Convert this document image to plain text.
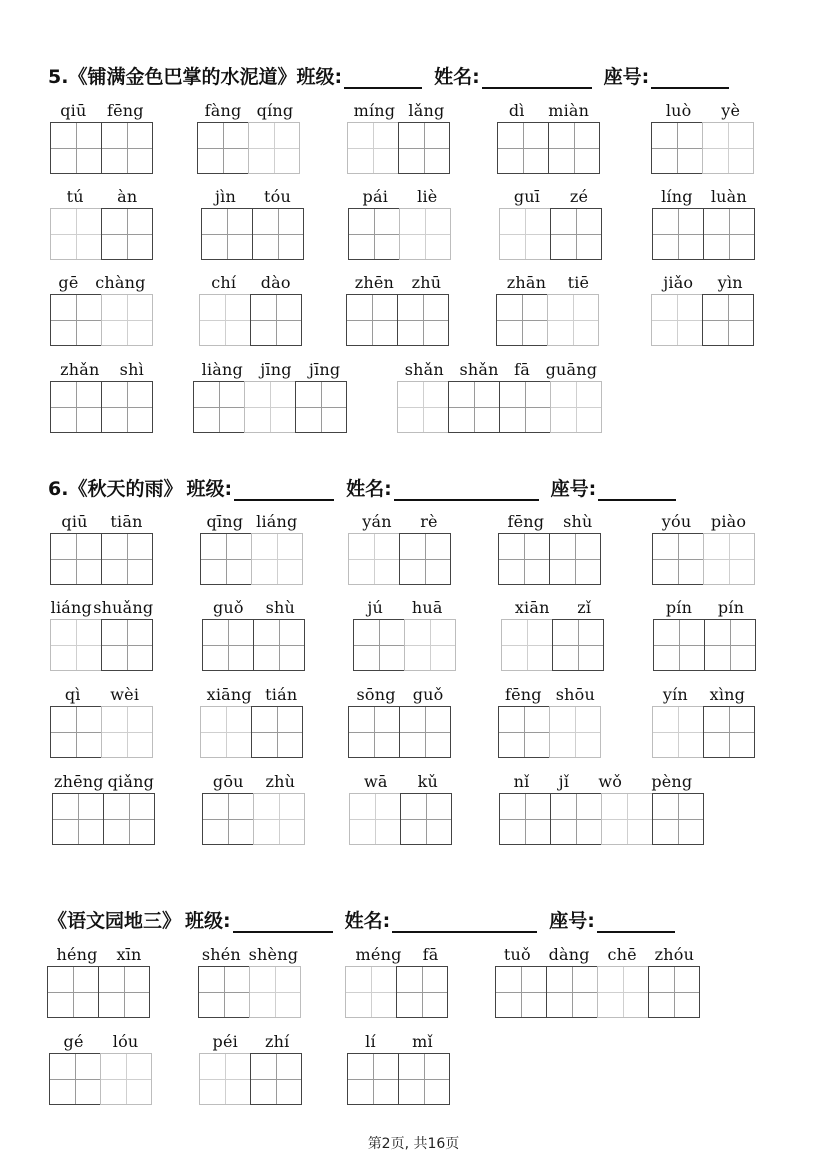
5.《铺满金色巴掌的水泥道》 班级:	姓名:	座号:
qiū fēng	fàng qíng	míng lǎng	dì miàn	luò yè
tú àn	jìn tóu	pái liè	guī zé	líng luàn
gē chàng	chí dào	zhēn zhū	zhān tiē	jiǎo yìn
zhǎn shì	liàng jīng jīng	shǎn shǎn fā guāng
6.《秋天的雨》 班级:	姓名:	座号:
qiū tiān	qīng liáng	yán rè	fēng shù	yóu piào
liáng shuǎng	guǒ shù	jú huā	xiān zǐ	pín pín
qì wèi	xiāng tián	sōng guǒ	fēng shōu	yín xìng
zhēng qiǎng	gōu zhù	wā kǔ	nǐ jǐ wǒ pèng
《语文园地三》 班级:	姓名:	座号:
héng xīn	shén shèng	méng fā	tuǒ dàng chē zhóu
gé lóu	péi zhí	lí mǐ
第2页, 共16页
